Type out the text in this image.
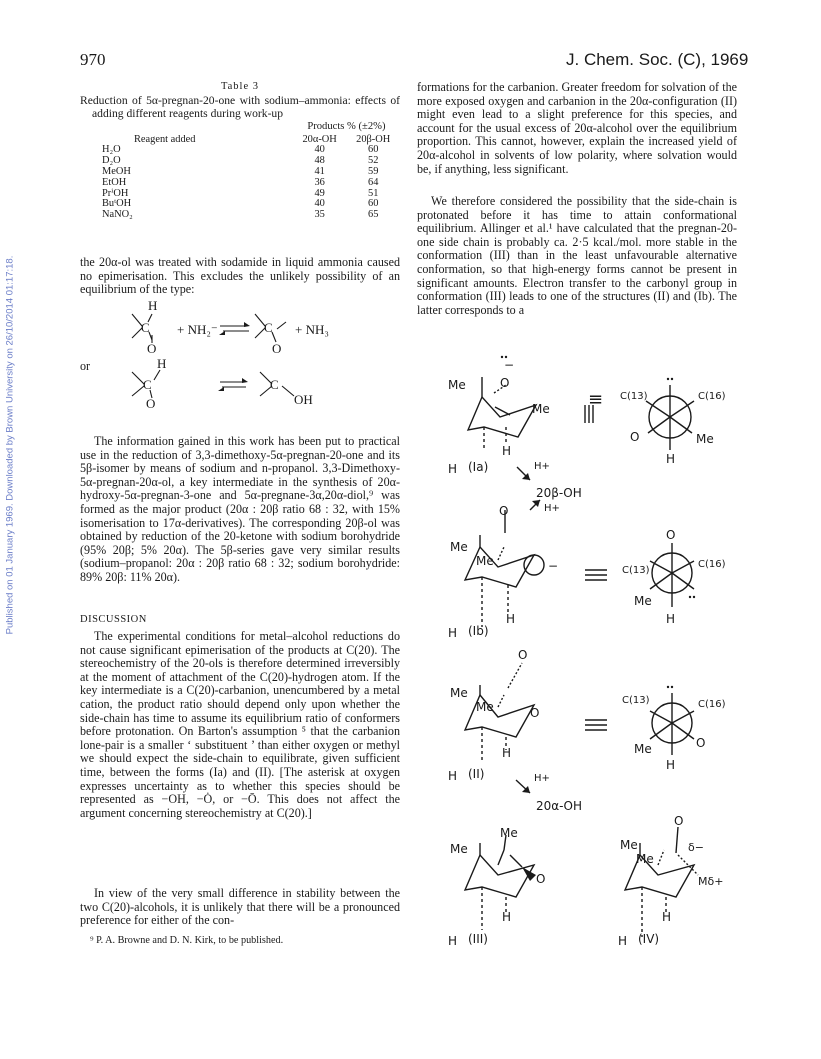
970	J. Chem. Soc. (C), 1969
Published on 01 January 1969. Downloaded by Brown University on 26/10/2014 01:17:18.
Table 3
Reduction of 5α-pregnan-20-one with sodium–ammonia: effects of adding different reagents during work-up
	Products % (±2%)	
Reagent added	20α-OH	20β-OH
H₂O	40	60
D₂O	48	52
MeOH	41	59
EtOH	36	64
PrⁱOH	49	51
BuᵗOH	40	60
NaNO₂	35	65

the 20α-ol was treated with sodamide in liquid ammonia caused no epimerisation. This excludes the unlikely possibility of an equilibrium of the type:

H
C
O
+ NH₂⁻	C
O
+ NH₃
H
C
O
C
OH
or

The information gained in this work has been put to practical use in the reduction of 3,3-dimethoxy-5α-pregnan-20-one and its 5β-isomer by means of sodium and n-propanol. 3,3-Dimethoxy-5α-pregnan-20α-ol, a key intermediate in the synthesis of 20α-hydroxy-5α-pregnan-3-one and 5α-pregnane-3α,20α-diol,⁹ was formed as the major product (20α : 20β ratio 68 : 32, with 15% isomerisation to 17α-derivatives). The corresponding 20β-ol was obtained by reduction of the 20-ketone with sodium borohydride (95% 20β; 5% 20α). The 5β-series gave very similar results (sodium–propanol: 20α : 20β ratio 68 : 32; sodium borohydride: 89% 20β: 11% 20α).

DISCUSSION

The experimental conditions for metal–alcohol reductions do not cause significant epimerisation of the products at C(20). The stereochemistry of the 20-ols is therefore determined irreversibly at the moment of attachment of the C(20)-hydrogen atom. If the key intermediate is a C(20)-carbanion, unencumbered by a metal cation, the product ratio should depend only upon whether the side-chain has time to assume its equilibrium ratio of conformers before protonation. On Barton's assumption ⁵ that the carbanion lone-pair is a smaller ‘ substituent ’ than either oxygen or methyl we should expect the side-chain to equilibrate, given sufficient time, between the forms (Ia) and (II). [The asterisk at oxygen expresses uncertainty as to whether this species should be represented as −OH, −Ȯ, or −Ō. This does not affect the argument concerning stereochemistry at C(20).]

In view of the very small difference in stability between the two C(20)-alcohols, it is unlikely that there will be a pronounced preference for either of the con-

⁹ P. A. Browne and D. N. Kirk, to be published.

formations for the carbanion. Greater freedom for solvation of the more exposed oxygen and carbanion in the 20α-configuration (II) might even lead to a slight preference for this species, and account for the usual excess of 20α-alcohol over the equilibrium proportion. This cannot, however, explain the increased yield of 20α-alcohol in solvents of low polarity, where solvation would be, if anything, less significant.

We therefore considered the possibility that the side-chain is protonated before it has time to attain conformational equilibrium. Allinger et al.¹ have calculated that the pregnan-20-one side chain is probably ca. 2·5 kcal./mol. more stable in the conformation (III) than in the least unfavourable alternative conformation, so that high-energy forms cannot be present in significant amounts. Electron transfer to the carbonyl group in conformation (III) leads to one of the structures (II) and (Ib). The latter corresponds to a

−
Me	O
Me
H
H (Ia)	H+
≡ C(13)	C(16)
O	Me
H
20β-OH
O	H+
Me
Me	−
H
H (Ib)
O
C(13)
C(16)
Me
H
O
Me
Me	O
H
H (II)	H+
C(13)	C(16)
Me	O
H
20α-OH
Me
Me
O
H
H (III)
O
δ−
Me
Me
Mδ+
H
H (IV)
